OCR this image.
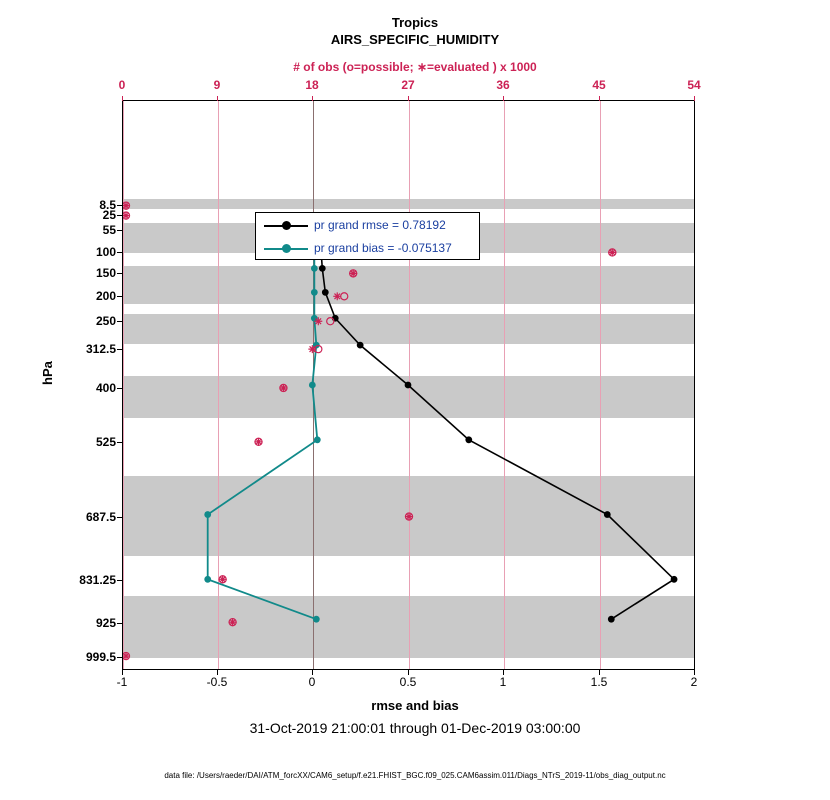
Tropics
AIRS_SPECIFIC_HUMIDITY
# of obs (o=possible; ∗=evaluated ) x 1000
pr grand rmse = 0.78192
pr grand bias = -0.075137
0	9	18	27	36	45	54
-1	-0.5	0	0.5	1	1.5	2
8.5
25
55
100
150
200
250
312.5
400
525
687.5
831.25
925
999.5
hPa
rmse and bias
31-Oct-2019 21:00:01 through 01-Dec-2019 03:00:00
data file: /Users/raeder/DAI/ATM_forcXX/CAM6_setup/f.e21.FHIST_BGC.f09_025.CAM6assim.011/Diags_NTrS_2019-11/obs_diag_output.nc
